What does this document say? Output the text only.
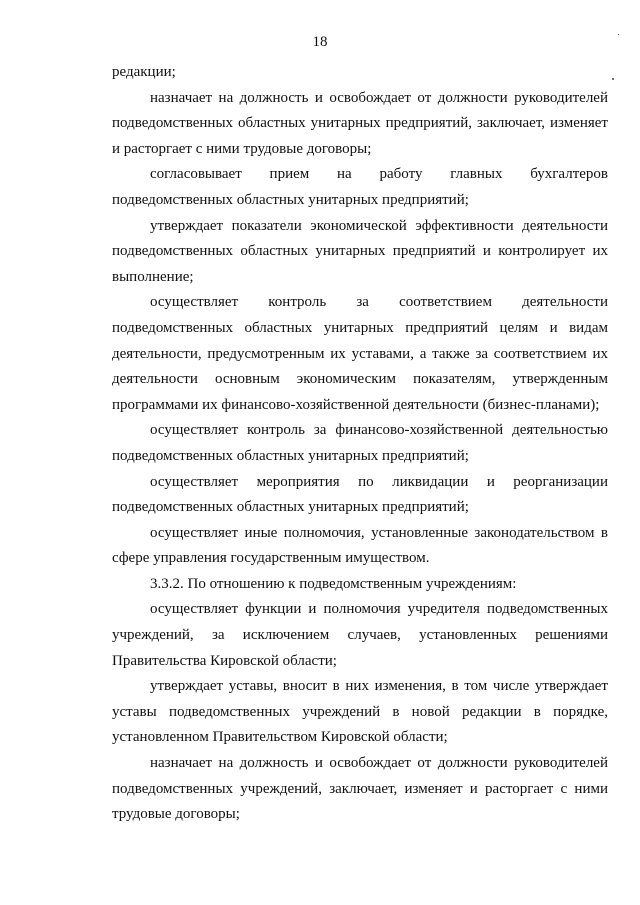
18

редакции;

назначает на должность и освобождает от должности руководителей подведомственных областных унитарных предприятий, заключает, изменяет и расторгает с ними трудовые договоры;

согласовывает прием на работу главных бухгалтеров подведомственных областных унитарных предприятий;

утверждает показатели экономической эффективности деятельности подведомственных областных унитарных предприятий и контролирует их выполнение;

осуществляет контроль за соответствием деятельности подведомственных областных унитарных предприятий целям и видам деятельности, предусмотренным их уставами, а также за соответствием их деятельности основным экономическим показателям, утвержденным программами их финансово-хозяйственной деятельности (бизнес-планами);

осуществляет контроль за финансово-хозяйственной деятельностью подведомственных областных унитарных предприятий;

осуществляет мероприятия по ликвидации и реорганизации подведомственных областных унитарных предприятий;

осуществляет иные полномочия, установленные законодательством в сфере управления государственным имуществом.

3.3.2. По отношению к подведомственным учреждениям:

осуществляет функции и полномочия учредителя подведомственных учреждений, за исключением случаев, установленных решениями Правительства Кировской области;

утверждает уставы, вносит в них изменения, в том числе утверждает уставы подведомственных учреждений в новой редакции в порядке, установленном Правительством Кировской области;

назначает на должность и освобождает от должности руководителей подведомственных учреждений, заключает, изменяет и расторгает с ними трудовые договоры;
